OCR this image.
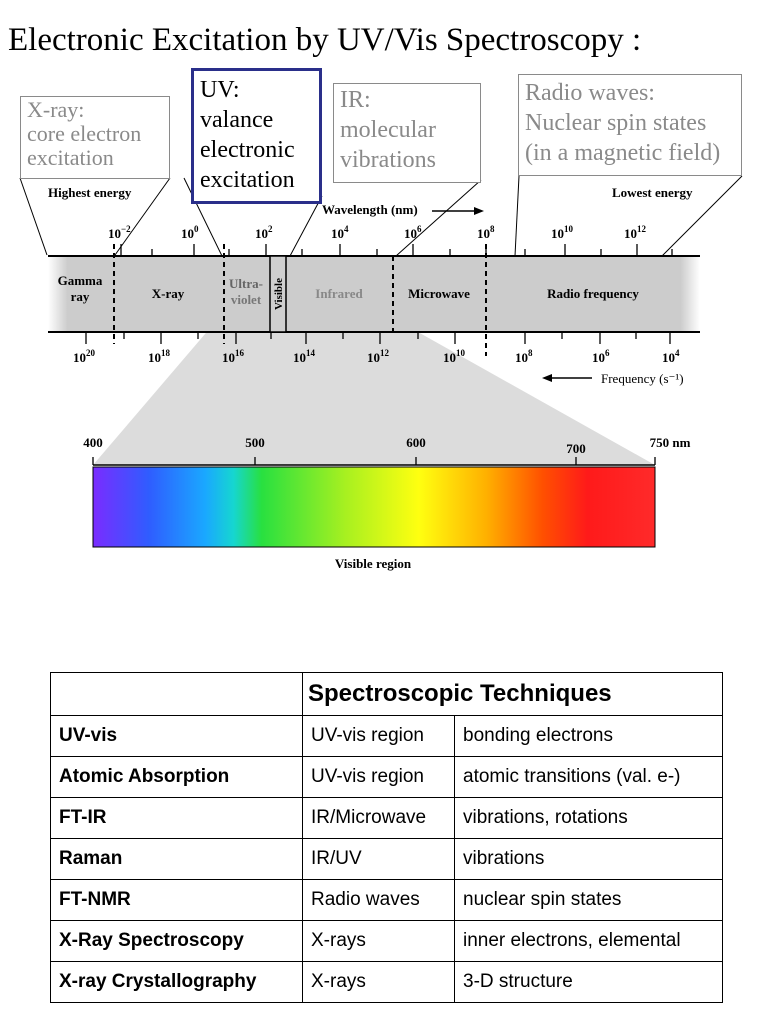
Electronic Excitation by UV/Vis Spectroscopy :
Highest energy	Lowest energy
Wavelength (nm)
Frequency (s⁻¹)
$10^{-2}$	$10^0$	$10^2$	$10^4$	$10^6$	$10^8$	$10^{10}$	$10^{12}$
$10^{20}$	$10^{18}$	$10^{16}$	$10^{14}$	$10^{12}$	$10^{10}$	$10^8$	$10^6$	$10^4$
Gamma
ray	X-ray
Ultra-
violet Visible Infrared	Microwave	Radio frequency
400	500	600	700	750 nm
Visible region
X-ray:
core electron
excitation
UV:
valance
electronic
excitation
IR:
molecular
vibrations
Radio waves:
Nuclear spin states
(in a magnetic field)
	Spectroscopic Techniques	
UV-vis	UV-vis region	bonding electrons
Atomic Absorption	UV-vis region	atomic transitions (val. e-)
FT-IR	IR/Microwave	vibrations, rotations
Raman	IR/UV	vibrations
FT-NMR	Radio waves	nuclear spin states
X-Ray Spectroscopy	X-rays	inner electrons, elemental
X-ray Crystallography	X-rays	3-D structure
